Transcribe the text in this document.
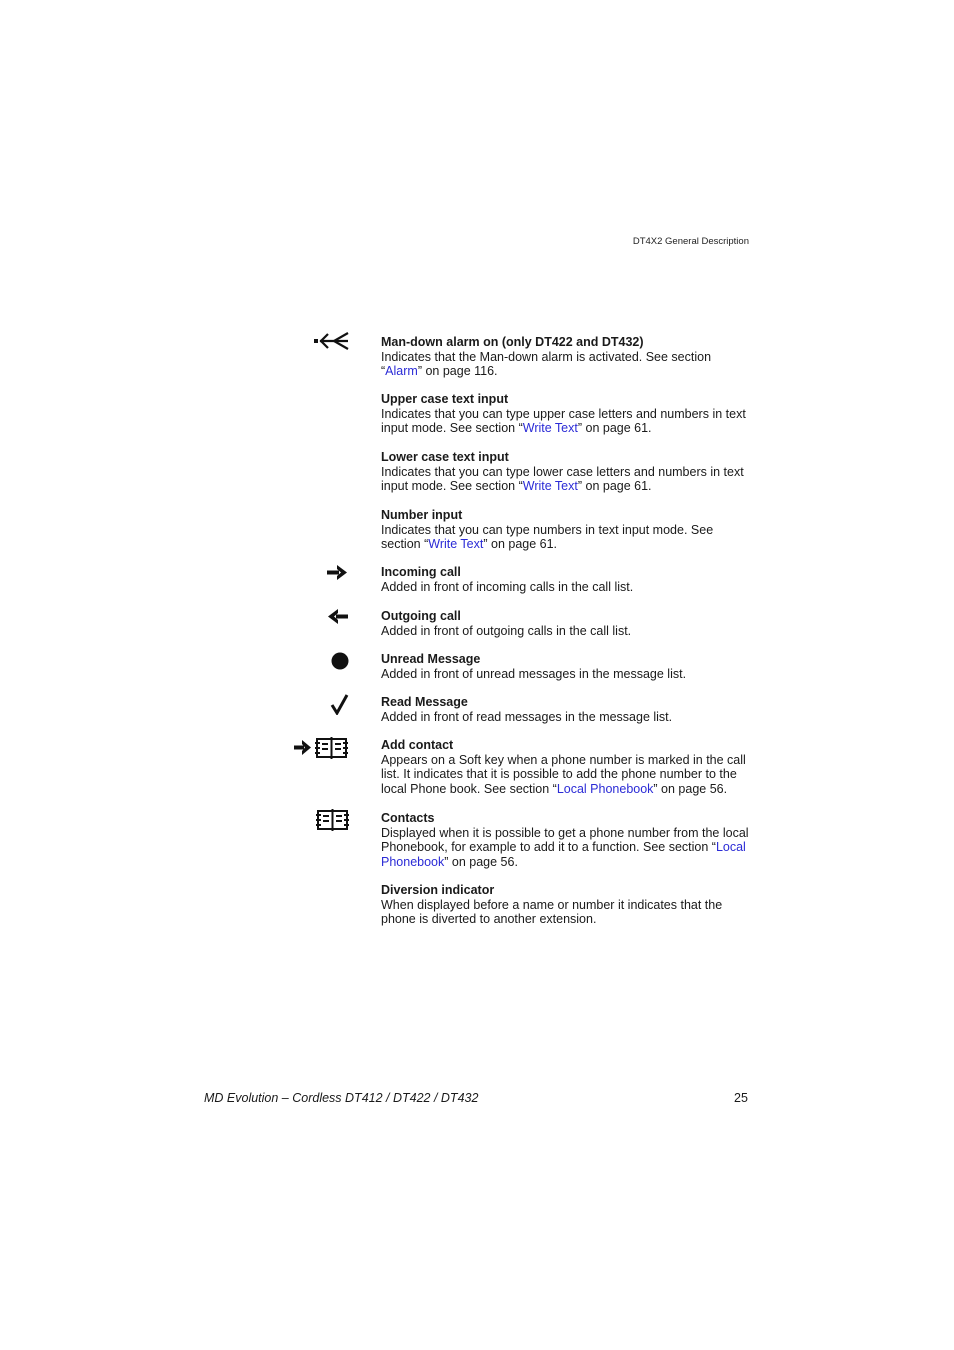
DT4X2 General Description
Man-down alarm on (only DT422 and DT432)
Indicates that the Man-down alarm is activated. See section “Alarm” on page 116.
Upper case text input
Indicates that you can type upper case letters and numbers in text input mode. See section “Write Text” on page 61.
Lower case text input
Indicates that you can type lower case letters and numbers in text input mode. See section “Write Text” on page 61.
Number input
Indicates that you can type numbers in text input mode. See section “Write Text” on page 61.
Incoming call
Added in front of incoming calls in the call list.
Outgoing call
Added in front of outgoing calls in the call list.
Unread Message
Added in front of unread messages in the message list.
Read Message
Added in front of read messages in the message list.
Add contact
Appears on a Soft key when a phone number is marked in the call list. It indicates that it is possible to add the phone number to the local Phone book. See section “Local Phonebook” on page 56.
Contacts
Displayed when it is possible to get a phone number from the local Phonebook, for example to add it to a function. See section “Local Phonebook” on page 56.
Diversion indicator
When displayed before a name or number it indicates that the phone is diverted to another extension.
MD Evolution – Cordless DT412 / DT422 / DT432	25
